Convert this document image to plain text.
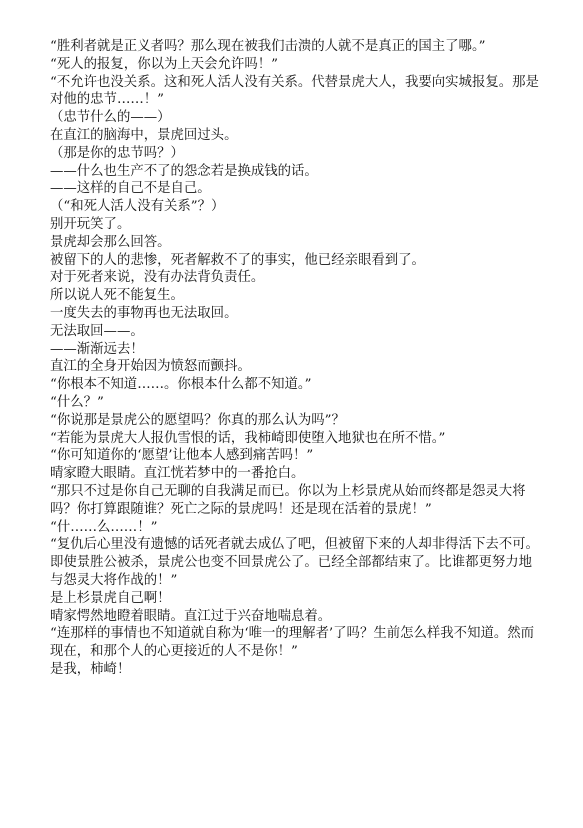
“胜利者就是正义者吗？那么现在被我们击溃的人就不是真正的国主了哪。”

“死人的报复，你以为上天会允许吗！”

“不允许也没关系。这和死人活人没有关系。代替景虎大人，我要向实城报复。那是对他的忠节……！”

（忠节什么的——）

在直江的脑海中，景虎回过头。

（那是你的忠节吗？）

——什么也生产不了的怨念若是换成钱的话。

——这样的自己不是自己。

（“和死人活人没有关系”？）

别开玩笑了。

景虎却会那么回答。

被留下的人的悲惨，死者解救不了的事实，他已经亲眼看到了。

对于死者来说，没有办法背负责任。

所以说人死不能复生。

一度失去的事物再也无法取回。

无法取回——。

——渐渐远去！

直江的全身开始因为愤怒而颤抖。

“你根本不知道……。你根本什么都不知道。”

“什么？”

“你说那是景虎公的愿望吗？你真的那么认为吗”？

“若能为景虎大人报仇雪恨的话，我柿崎即使堕入地狱也在所不惜。”

“你可知道你的‘愿望’让他本人感到痛苦吗！”

晴家瞪大眼睛。直江恍若梦中的一番抢白。

“那只不过是你自己无聊的自我满足而已。你以为上杉景虎从始而终都是怨灵大将吗？你打算跟随谁？死亡之际的景虎吗！还是现在活着的景虎！”

“什……么……！”

“复仇后心里没有遗憾的话死者就去成仏了吧，但被留下来的人却非得活下去不可。即使景胜公被杀，景虎公也变不回景虎公了。已经全部都结束了。比谁都更努力地与怨灵大将作战的！”

是上杉景虎自己啊！

晴家愕然地瞪着眼睛。直江过于兴奋地喘息着。

“连那样的事情也不知道就自称为‘唯一的理解者’了吗？生前怎么样我不知道。然而现在，和那个人的心更接近的人不是你！”

是我，柿崎！
